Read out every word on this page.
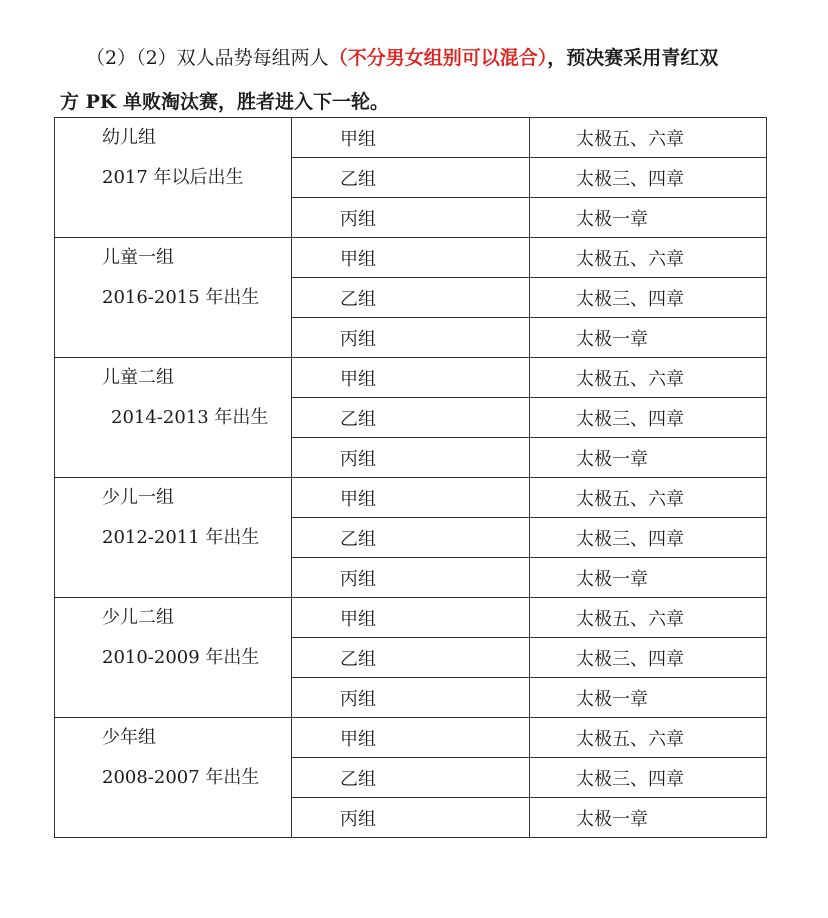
（2）（2）双人品势每组两人（不分男女组别可以混合），预决赛采用青红双
方 PK 单败淘汰赛，胜者进入下一轮。
幼儿组
2017 年以后出生	甲组	太极五、六章
	乙组	太极三、四章
	丙组	太极一章

儿童一组
2016-2015 年出生	甲组	太极五、六章
	乙组	太极三、四章
	丙组	太极一章

儿童二组
2014-2013 年出生	甲组	太极五、六章
	乙组	太极三、四章
	丙组	太极一章

少儿一组
2012-2011 年出生	甲组	太极五、六章
	乙组	太极三、四章
	丙组	太极一章

少儿二组
2010-2009 年出生	甲组	太极五、六章
	乙组	太极三、四章
	丙组	太极一章

少年组
2008-2007 年出生	甲组	太极五、六章
	乙组	太极三、四章
	丙组	太极一章
